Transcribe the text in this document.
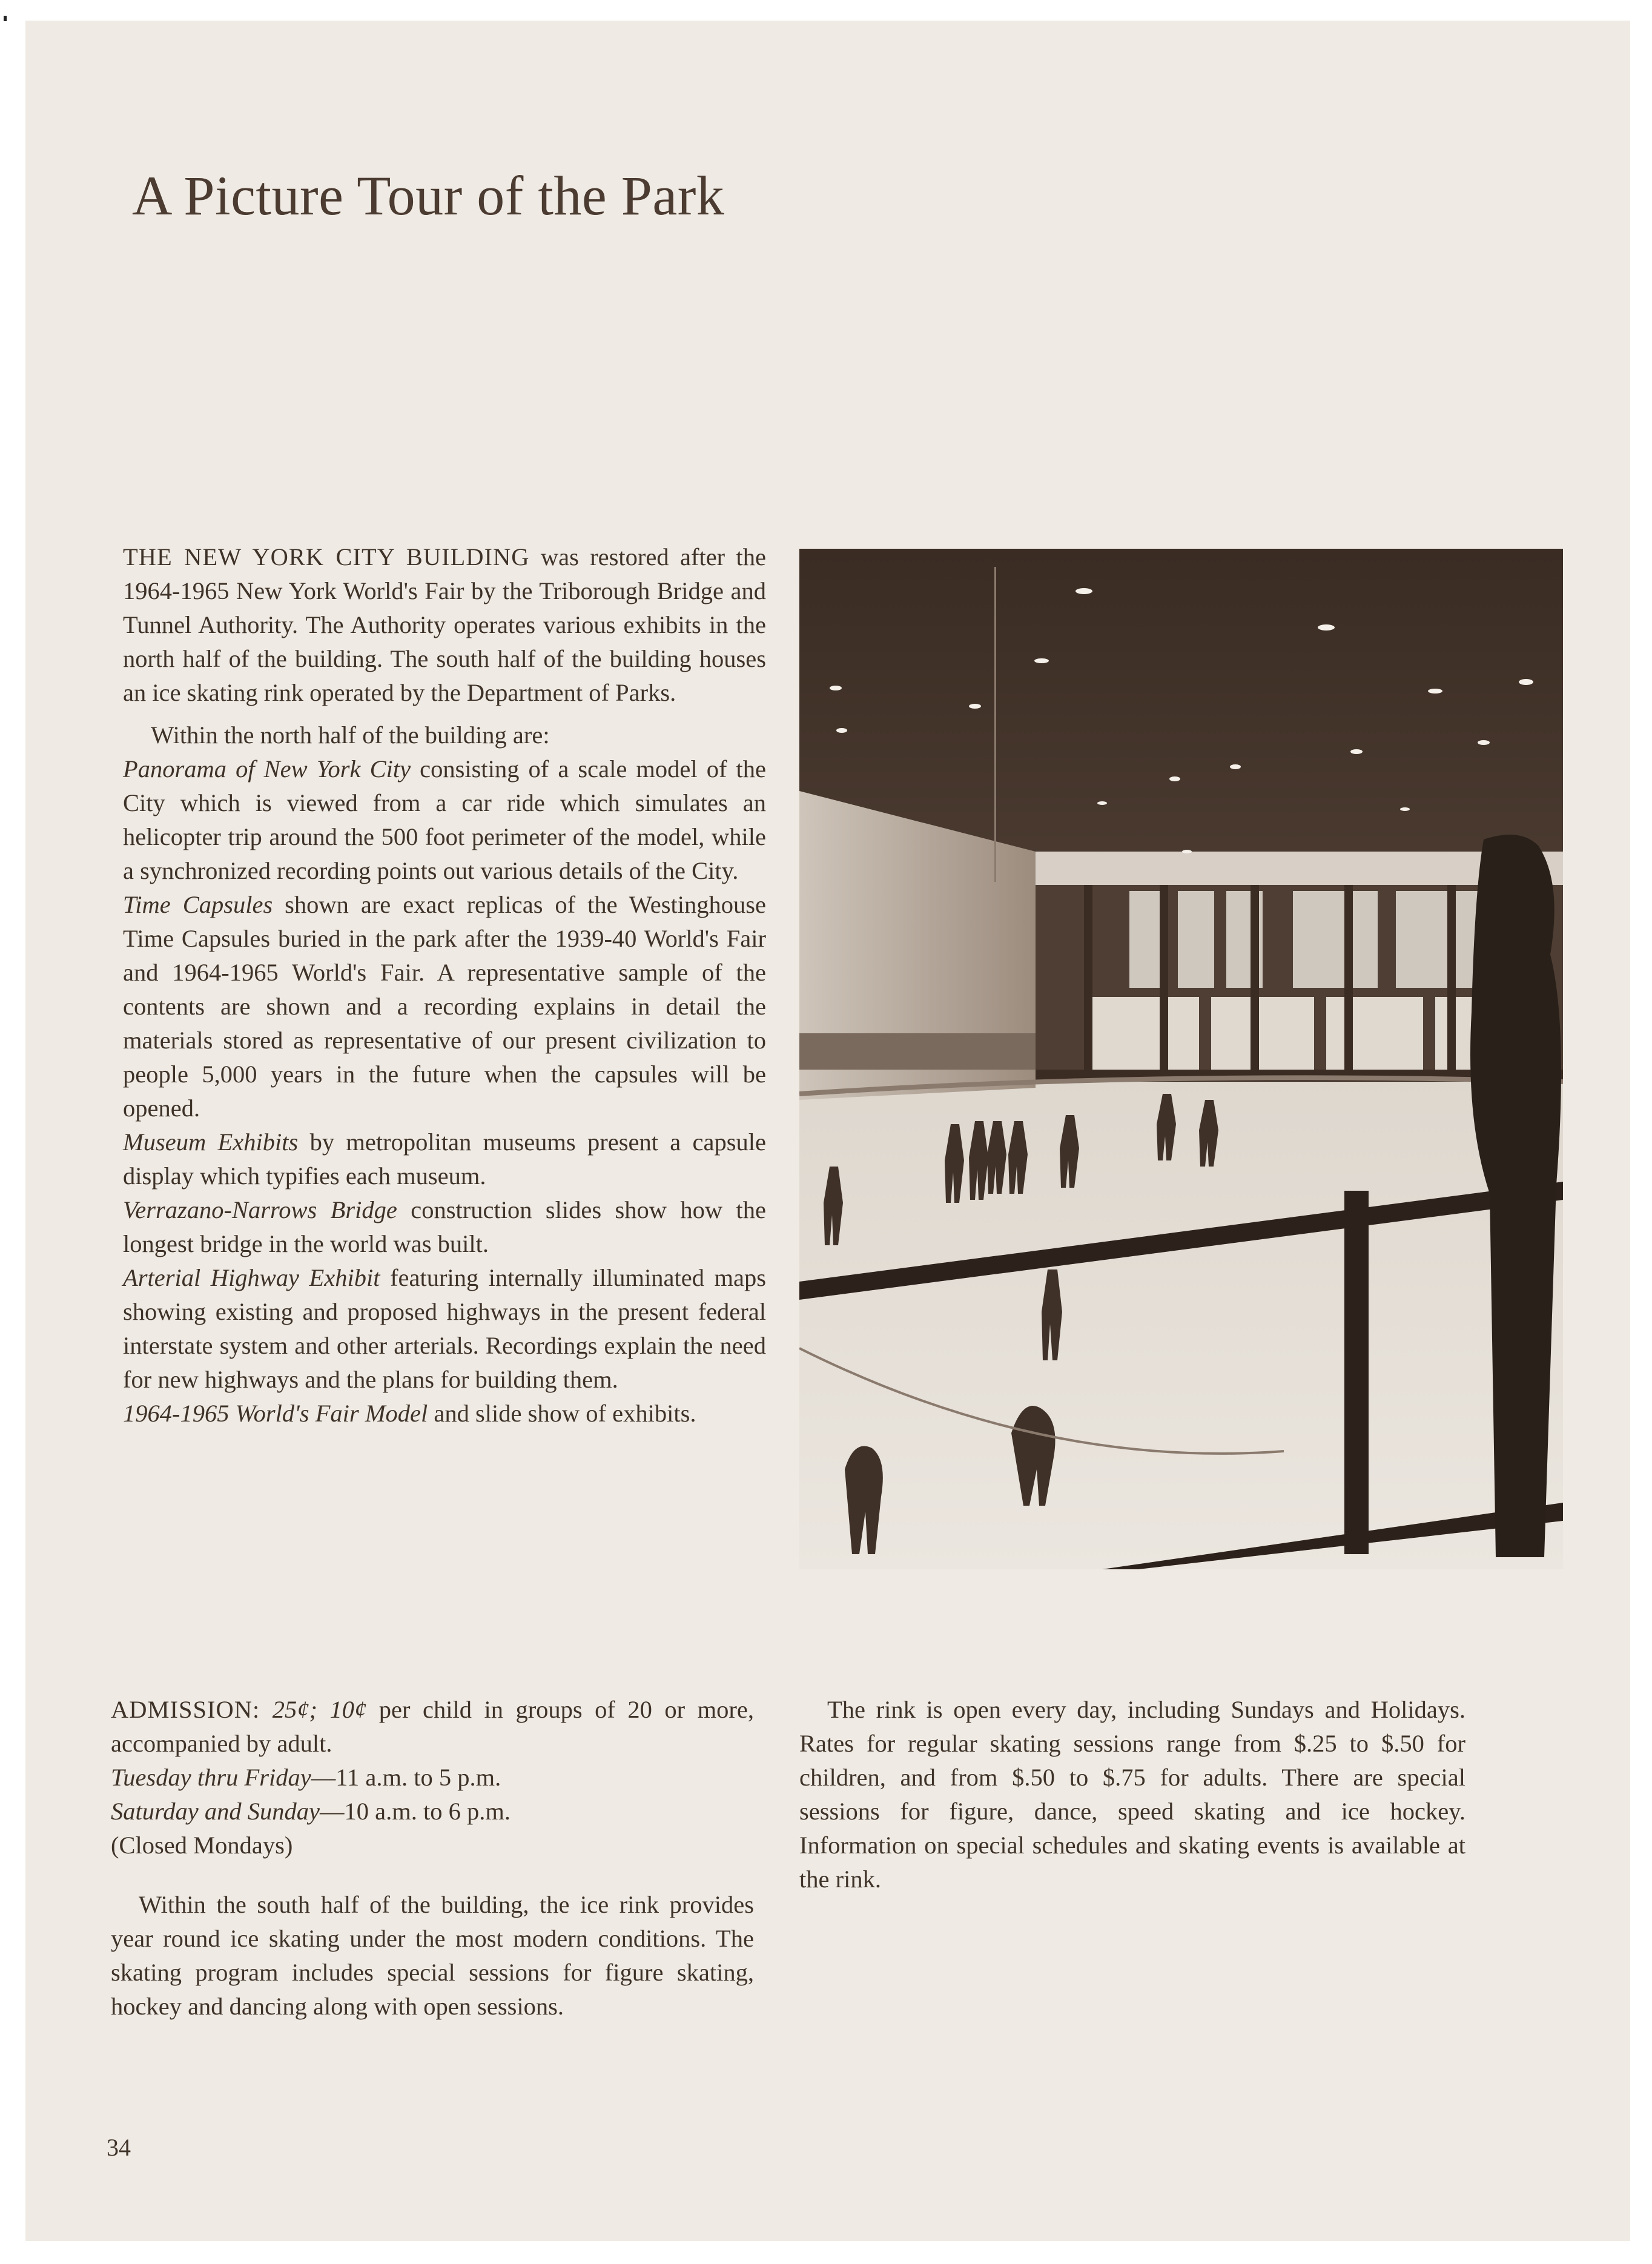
A Picture Tour of the Park

THE NEW YORK CITY BUILDING was restored after the 1964-1965 New York World's Fair by the Triborough Bridge and Tunnel Authority. The Authority operates various exhibits in the north half of the building. The south half of the building houses an ice skating rink operated by the Department of Parks.

Within the north half of the building are:

Panorama of New York City consisting of a scale model of the City which is viewed from a car ride which simulates an helicopter trip around the 500 foot perimeter of the model, while a synchronized recording points out various details of the City.

Time Capsules shown are exact replicas of the Westinghouse Time Capsules buried in the park after the 1939-40 World's Fair and 1964-1965 World's Fair. A representative sample of the contents are shown and a recording explains in detail the materials stored as representative of our present civilization to people 5,000 years in the future when the capsules will be opened.

Museum Exhibits by metropolitan museums present a capsule display which typifies each museum.

Verrazano-Narrows Bridge construction slides show how the longest bridge in the world was built.

Arterial Highway Exhibit featuring internally illuminated maps showing existing and proposed highways in the present federal interstate system and other arterials. Recordings explain the need for new highways and the plans for building them.

1964-1965 World's Fair Model and slide show of exhibits.

ADMISSION: 25¢; 10¢ per child in groups of 20 or more, accompanied by adult.

Tuesday thru Friday—11 a.m. to 5 p.m.

Saturday and Sunday—10 a.m. to 6 p.m.

(Closed Mondays)

Within the south half of the building, the ice rink provides year round ice skating under the most modern conditions. The skating program includes special sessions for figure skating, hockey and dancing along with open sessions.

The rink is open every day, including Sundays and Holidays. Rates for regular skating sessions range from $.25 to $.50 for children, and from $.50 to $.75 for adults. There are special sessions for figure, dance, speed skating and ice hockey. Information on special schedules and skating events is available at the rink.

34
